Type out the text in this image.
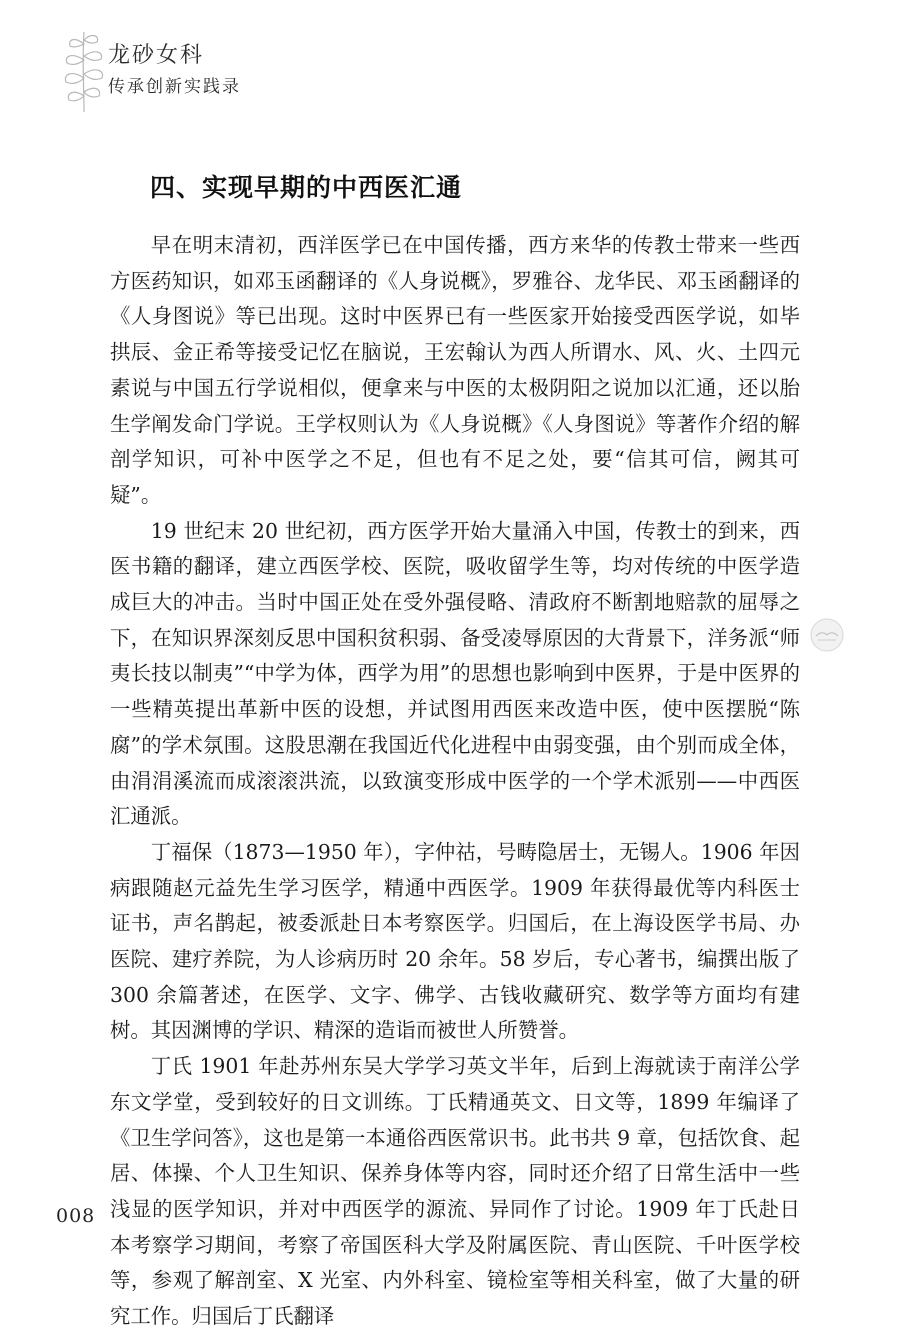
龙砂女科
传承创新实践录
四、实现早期的中西医汇通

早在明末清初，西洋医学已在中国传播，西方来华的传教士带来一些西方医药知识，如邓玉函翻译的《人身说概》，罗雅谷、龙华民、邓玉函翻译的《人身图说》等已出现。这时中医界已有一些医家开始接受西医学说，如毕拱辰、金正希等接受记忆在脑说，王宏翰认为西人所谓水、风、火、土四元素说与中国五行学说相似，便拿来与中医的太极阴阳之说加以汇通，还以胎生学阐发命门学说。王学权则认为《人身说概》《人身图说》等著作介绍的解剖学知识，可补中医学之不足，但也有不足之处，要“信其可信，阙其可疑”。

19 世纪末 20 世纪初，西方医学开始大量涌入中国，传教士的到来，西医书籍的翻译，建立西医学校、医院，吸收留学生等，均对传统的中医学造成巨大的冲击。当时中国正处在受外强侵略、清政府不断割地赔款的屈辱之下，在知识界深刻反思中国积贫积弱、备受凌辱原因的大背景下，洋务派“师夷长技以制夷”“中学为体，西学为用”的思想也影响到中医界，于是中医界的一些精英提出革新中医的设想，并试图用西医来改造中医，使中医摆脱“陈腐”的学术氛围。这股思潮在我国近代化进程中由弱变强，由个别而成全体，由涓涓溪流而成滚滚洪流，以致演变形成中医学的一个学术派别——中西医汇通派。

丁福保（1873—1950 年），字仲祜，号畴隐居士，无锡人。1906 年因病跟随赵元益先生学习医学，精通中西医学。1909 年获得最优等内科医士证书，声名鹊起，被委派赴日本考察医学。归国后，在上海设医学书局、办医院、建疗养院，为人诊病历时 20 余年。58 岁后，专心著书，编撰出版了 300 余篇著述，在医学、文字、佛学、古钱收藏研究、数学等方面均有建树。其因渊博的学识、精深的造诣而被世人所赞誉。

丁氏 1901 年赴苏州东吴大学学习英文半年，后到上海就读于南洋公学东文学堂，受到较好的日文训练。丁氏精通英文、日文等，1899 年编译了《卫生学问答》，这也是第一本通俗西医常识书。此书共 9 章，包括饮食、起居、体操、个人卫生知识、保养身体等内容，同时还介绍了日常生活中一些浅显的医学知识，并对中西医学的源流、异同作了讨论。1909 年丁氏赴日本考察学习期间，考察了帝国医科大学及附属医院、青山医院、千叶医学校等，参观了解剖室、X 光室、内外科室、镜检室等相关科室，做了大量的研究工作。归国后丁氏翻译

008
